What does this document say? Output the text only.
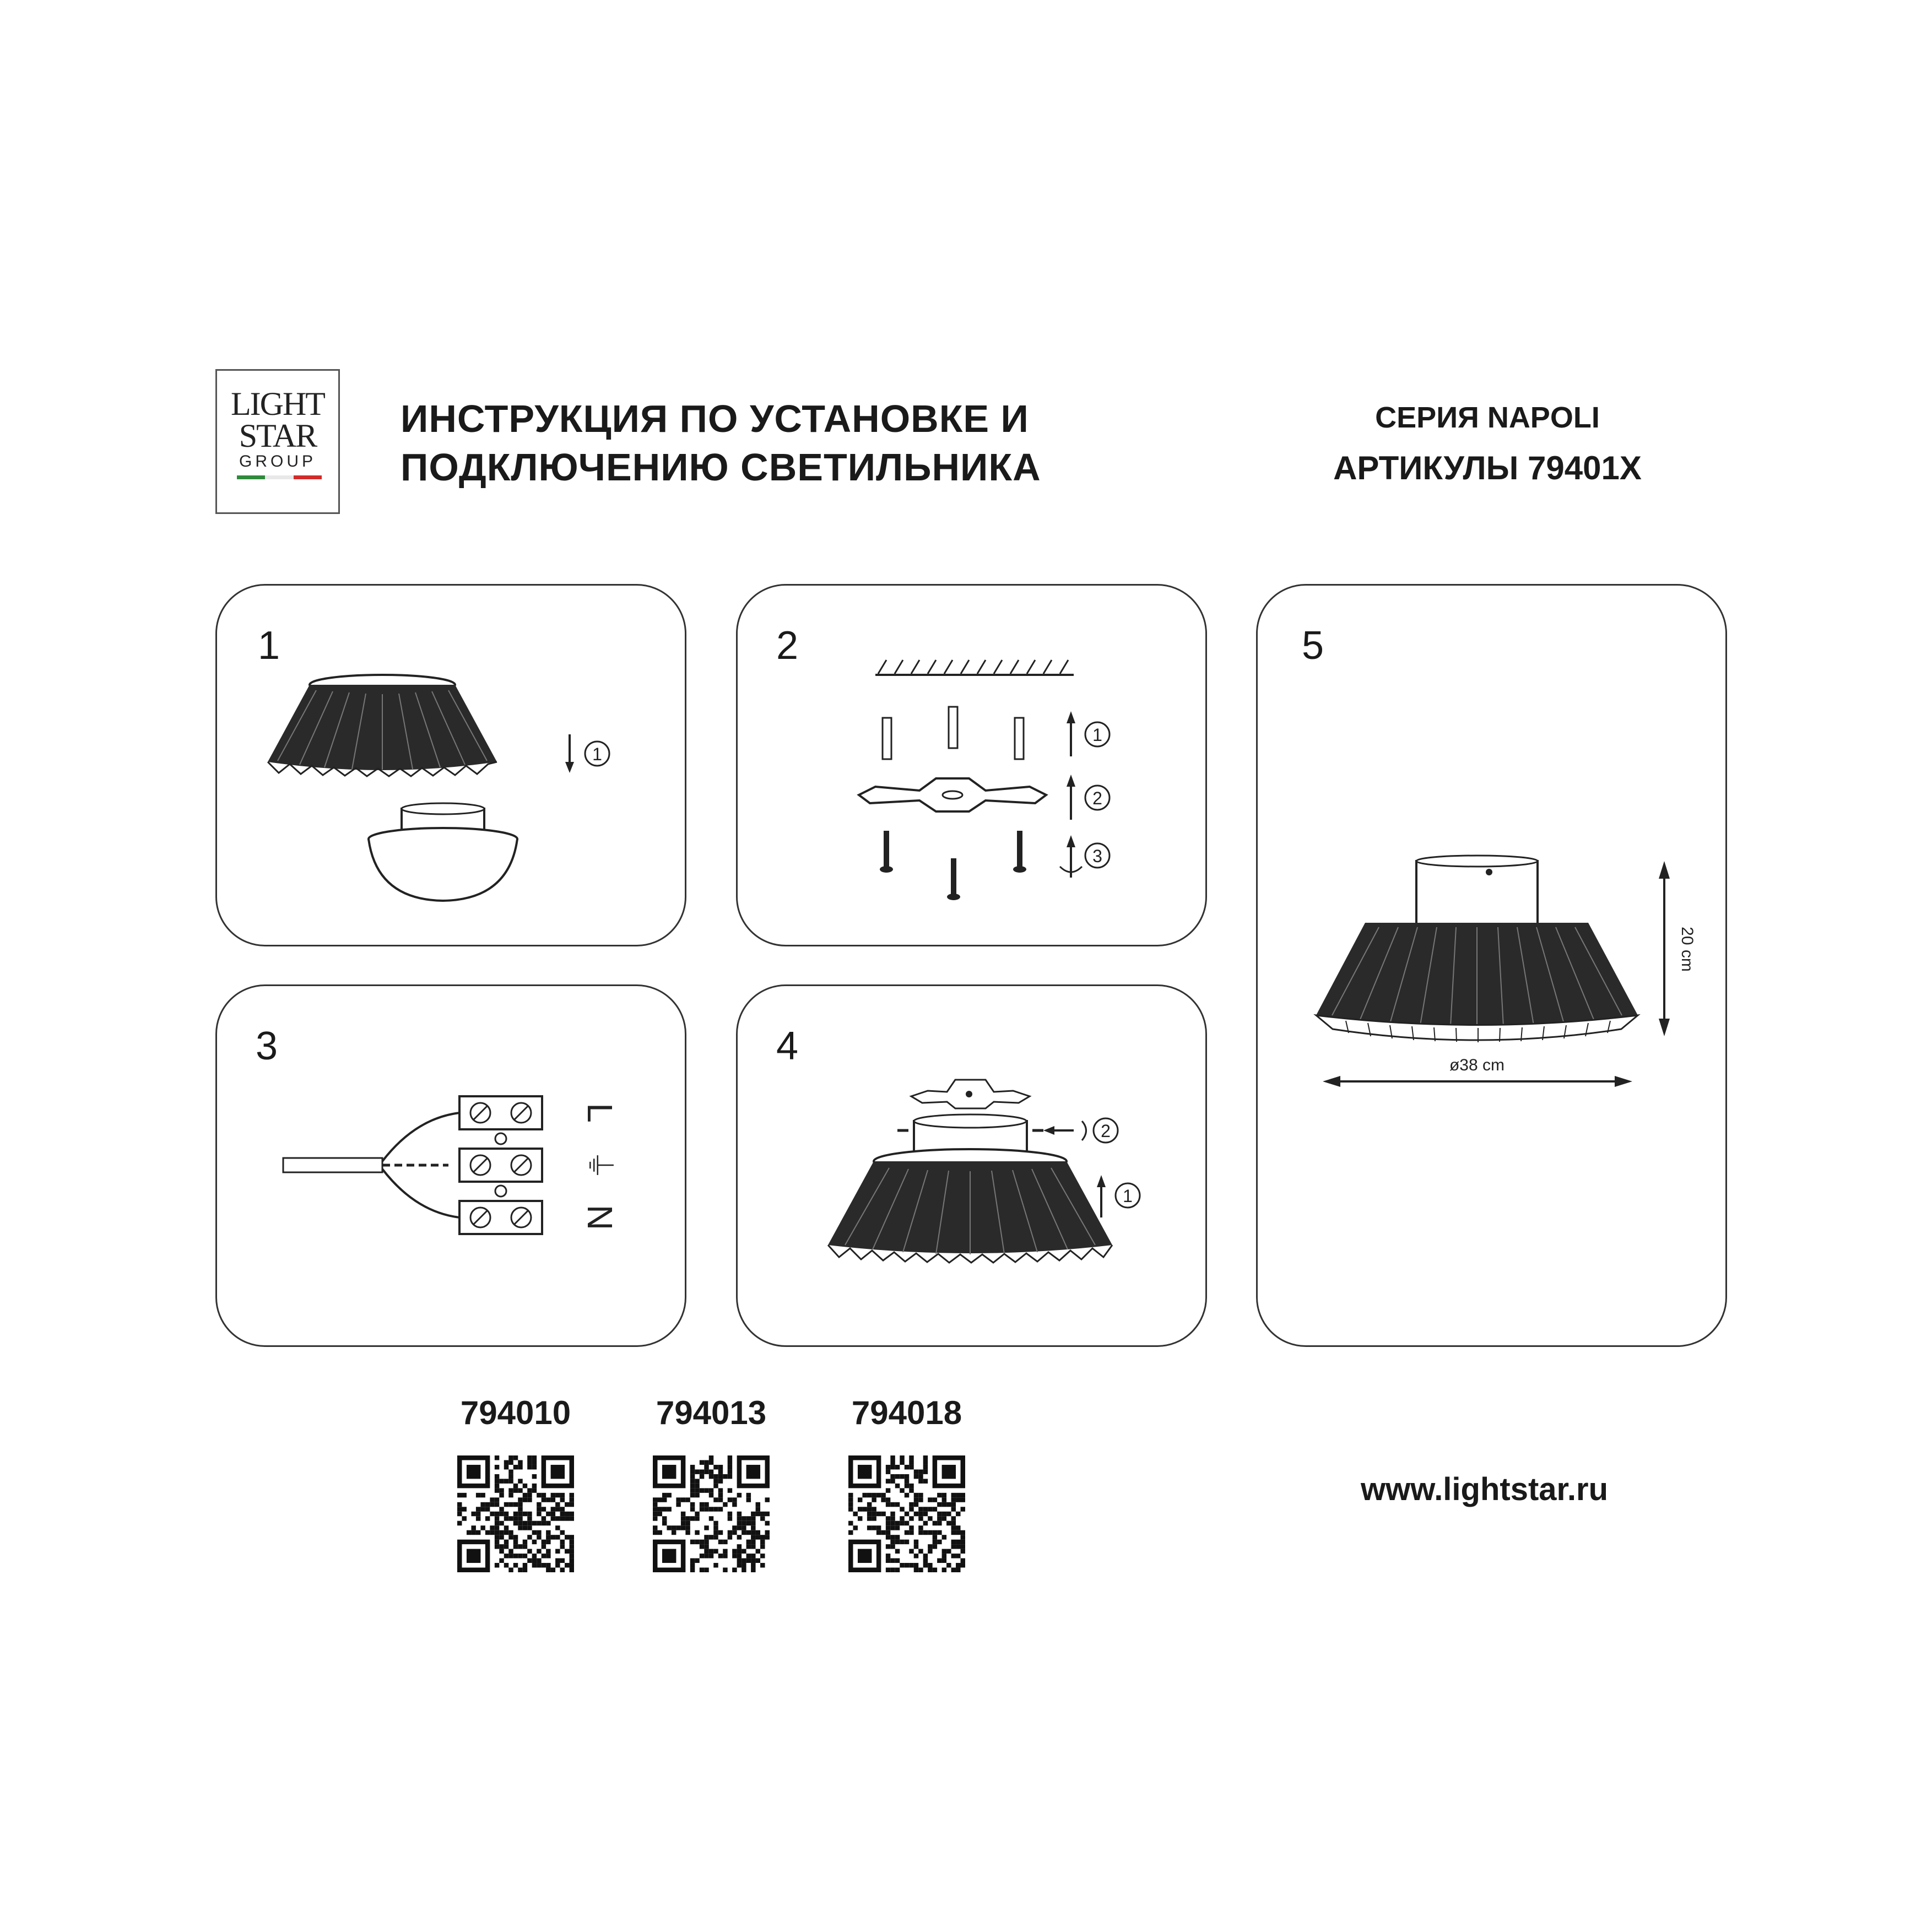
LIGHT
STAR
GROUP
ИНСТРУКЦИЯ ПО УСТАНОВКЕ И
ПОДКЛЮЧЕНИЮ СВЕТИЛЬНИКА
СЕРИЯ NAPOLI
АРТИКУЛЫ 79401X
1
1
2
1
2
3
5
20 cm
ø38 cm
3
L
⏚
N
4
2
1
794010	794013	794018
www.lightstar.ru
